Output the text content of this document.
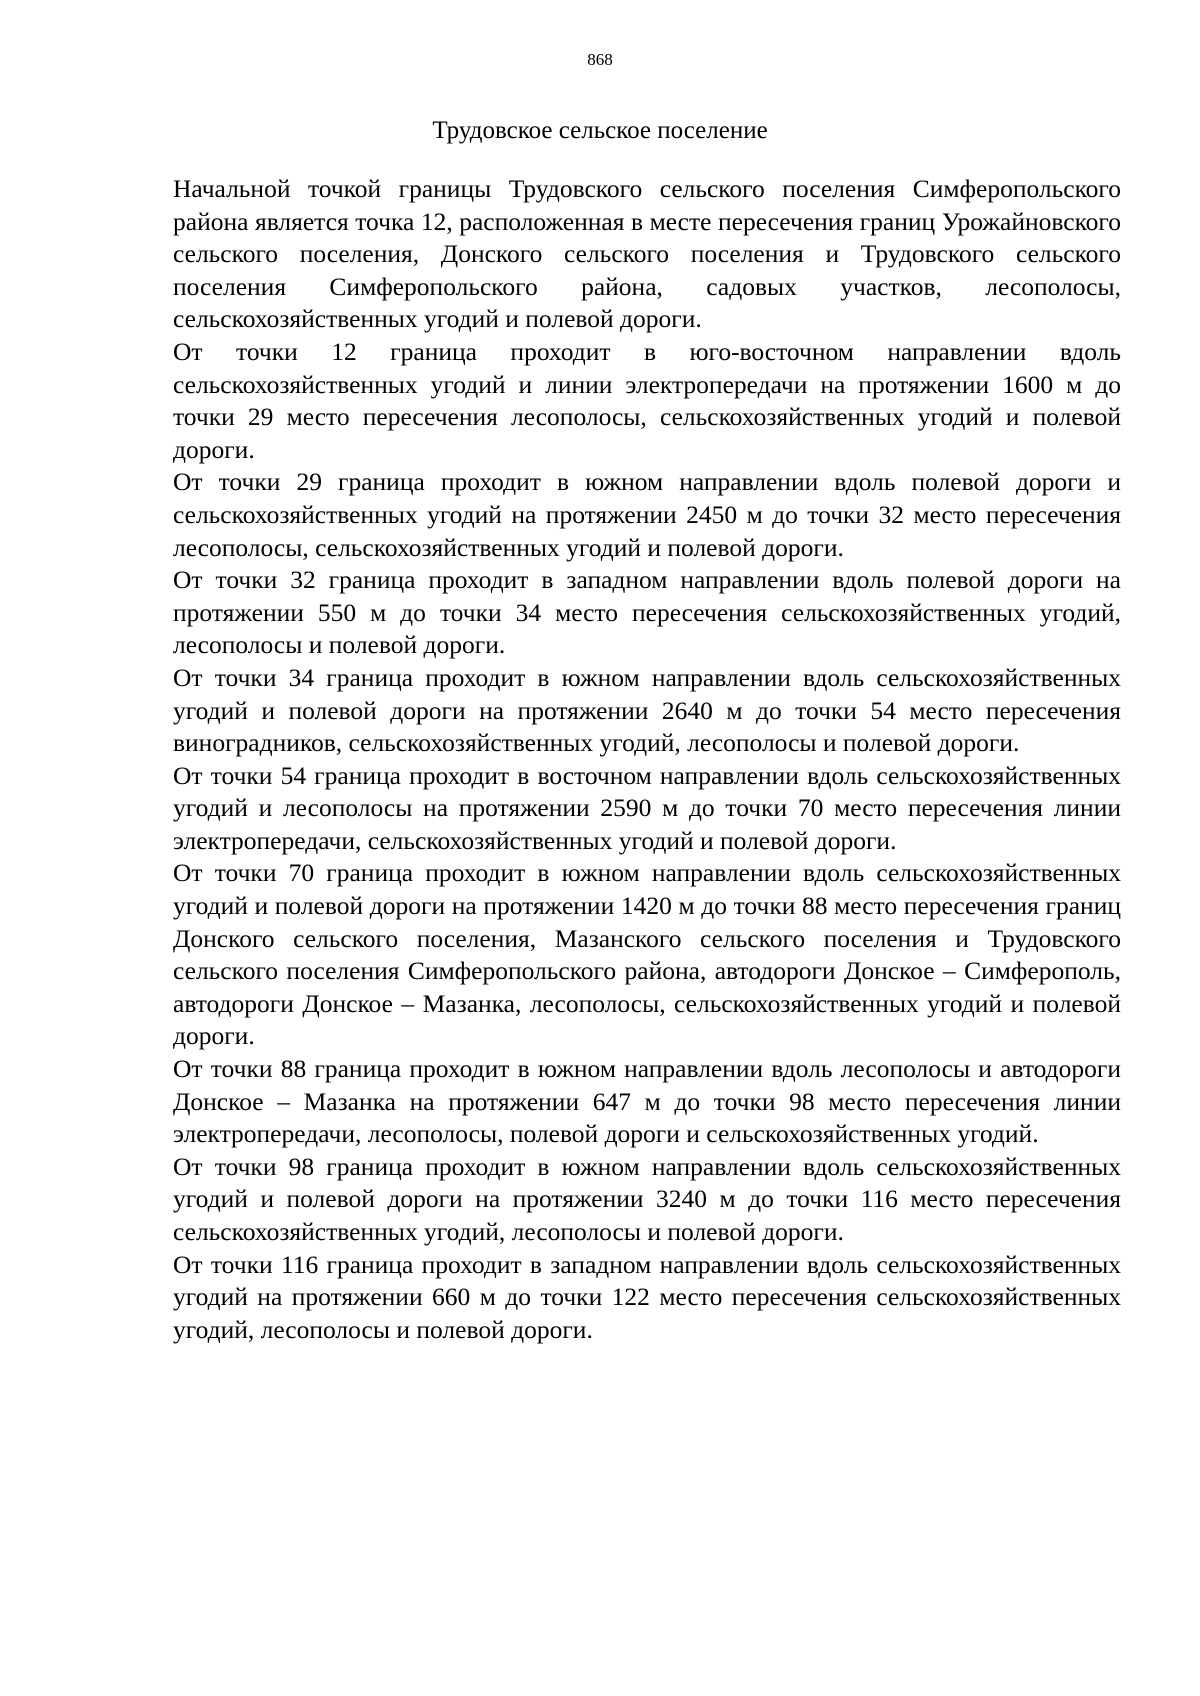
868
Трудовское сельское поселение

Начальной точкой границы Трудовского сельского поселения Симферопольского района является точка 12, расположенная в месте пересечения границ Урожайновского сельского поселения, Донского сельского поселения и Трудовского сельского поселения Симферопольского района, садовых участков, лесополосы, сельскохозяйственных угодий и полевой дороги.

От точки 12 граница проходит в юго-восточном направлении вдоль сельскохозяйственных угодий и линии электропередачи на протяжении 1600 м до точки 29 место пересечения лесополосы, сельскохозяйственных угодий и полевой дороги.

От точки 29 граница проходит в южном направлении вдоль полевой дороги и сельскохозяйственных угодий на протяжении 2450 м до точки 32 место пересечения лесополосы, сельскохозяйственных угодий и полевой дороги.

От точки 32 граница проходит в западном направлении вдоль полевой дороги на протяжении 550 м до точки 34 место пересечения сельскохозяйственных угодий, лесополосы и полевой дороги.

От точки 34 граница проходит в южном направлении вдоль сельскохозяйственных угодий и полевой дороги на протяжении 2640 м до точки 54 место пересечения виноградников, сельскохозяйственных угодий, лесополосы и полевой дороги.

От точки 54 граница проходит в восточном направлении вдоль сельскохозяйственных угодий и лесополосы на протяжении 2590 м до точки 70 место пересечения линии электропередачи, сельскохозяйственных угодий и полевой дороги.

От точки 70 граница проходит в южном направлении вдоль сельскохозяйственных угодий и полевой дороги на протяжении 1420 м до точки 88 место пересечения границ Донского сельского поселения, Мазанского сельского поселения и Трудовского сельского поселения Симферопольского района, автодороги Донское – Симферополь, автодороги Донское – Мазанка, лесополосы, сельскохозяйственных угодий и полевой дороги.

От точки 88 граница проходит в южном направлении вдоль лесополосы и автодороги Донское – Мазанка на протяжении 647 м до точки 98 место пересечения линии электропередачи, лесополосы, полевой дороги и сельскохозяйственных угодий.

От точки 98 граница проходит в южном направлении вдоль сельскохозяйственных угодий и полевой дороги на протяжении 3240 м до точки 116 место пересечения сельскохозяйственных угодий, лесополосы и полевой дороги.

От точки 116 граница проходит в западном направлении вдоль сельскохозяйственных угодий на протяжении 660 м до точки 122 место пересечения сельскохозяйственных угодий, лесополосы и полевой дороги.
